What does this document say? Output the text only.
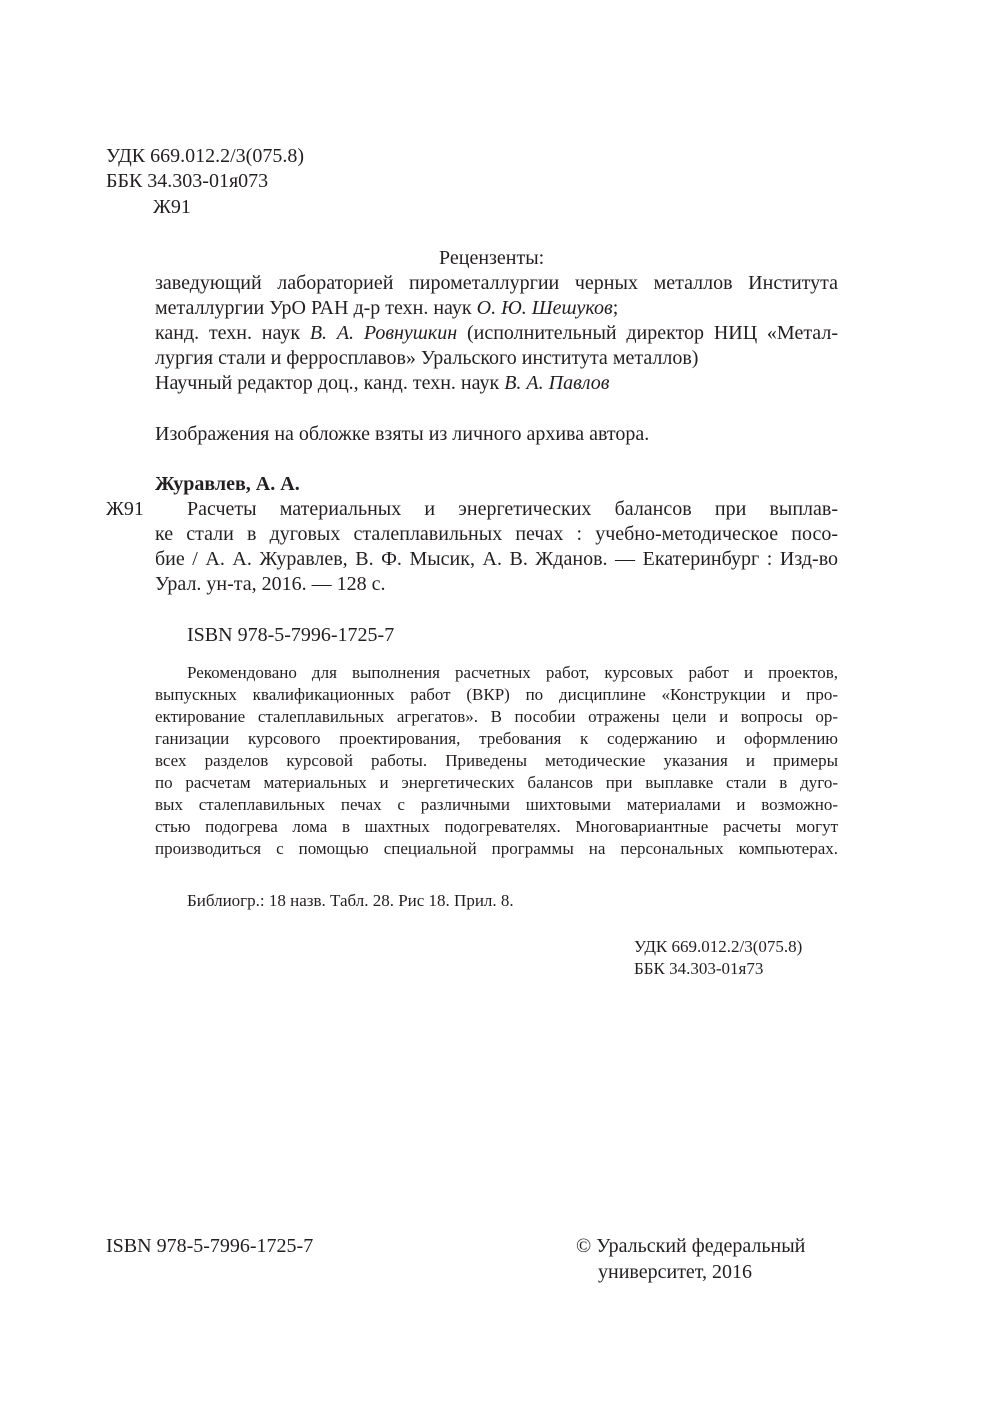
УДК 669.012.2/3(075.8)
ББК 34.303-01я073
Ж91
Рецензенты:
заведующий лабораторией пирометаллургии черных металлов Института
металлургии УрО РАН д-р техн. наук О. Ю. Шешуков;
канд. техн. наук В. А. Ровнушкин (исполнительный директор НИЦ «Метал-
лургия стали и ферросплавов» Уральского института металлов)
Научный редактор доц., канд. техн. наук В. А. Павлов
Изображения на обложке взяты из личного архива автора.
Журавлев, А. А.
Ж91 Расчеты материальных и энергетических балансов при выплав-
ке стали в дуговых сталеплавильных печах : учебно-методическое посо-
бие / А. А. Журавлев, В. Ф. Мысик, А. В. Жданов. — Екатеринбург : Изд-во
Урал. ун-та, 2016. — 128 с.
ISBN 978-5-7996-1725-7
Рекомендовано для выполнения расчетных работ, курсовых работ и проектов,
выпускных квалификационных работ (ВКР) по дисциплине «Конструкции и про-
ектирование сталеплавильных агрегатов». В пособии отражены цели и вопросы ор-
ганизации курсового проектирования, требования к содержанию и оформлению
всех разделов курсовой работы. Приведены методические указания и примеры
по расчетам материальных и энергетических балансов при выплавке стали в дуго-
вых сталеплавильных печах с различными шихтовыми материалами и возможно-
стью подогрева лома в шахтных подогревателях. Многовариантные расчеты могут
производиться с помощью специальной программы на персональных компьютерах.
Библиогр.: 18 назв. Табл. 28. Рис 18. Прил. 8.
УДК 669.012.2/3(075.8)
ББК 34.303-01я73
ISBN 978-5-7996-1725-7	© Уральский федеральный
университет, 2016
